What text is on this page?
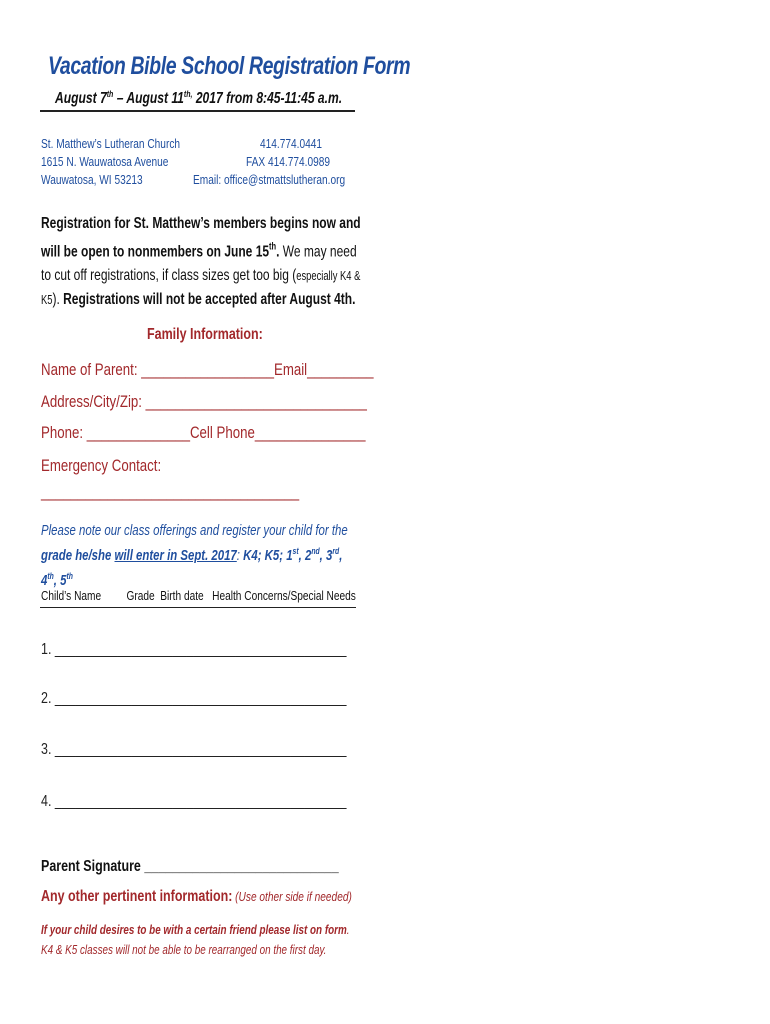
Vacation Bible School Registration Form
August 7th – August $11^{th,}$ 2017 from 8:45-11:45 a.m.
St. Matthew’s Lutheran Church
1615 N. Wauwatosa Avenue
Wauwatosa, WI 53213
414.774.0441
FAX 414.774.0989
Email: office@stmattslutheran.org
Registration for St. Matthew’s members begins now and will be open to nonmembers on June 15th. We may need to cut off registrations, if class sizes get too big (especially K4 & K5). Registrations will not be accepted after August 4th.
Family Information:
Name of Parent: __________________Email_________
Address/City/Zip: ______________________________
Phone: ______________Cell Phone_______________
Emergency Contact:
___________________________________
Please note our class offerings and register your child for the grade he/she will enter in Sept. 2017: K4; K5; 1st, 2nd, 3rd, 4th, 5th
Child’s Name         Grade  Birth date   Health Concerns/Special Needs
1. __________________________________________
2. __________________________________________
3. __________________________________________
4. __________________________________________
Parent Signature ____________________________
Any other pertinent information: (Use other side if needed)
If your child desires to be with a certain friend please list on form. K4 & K5 classes will not be able to be rearranged on the first day.
